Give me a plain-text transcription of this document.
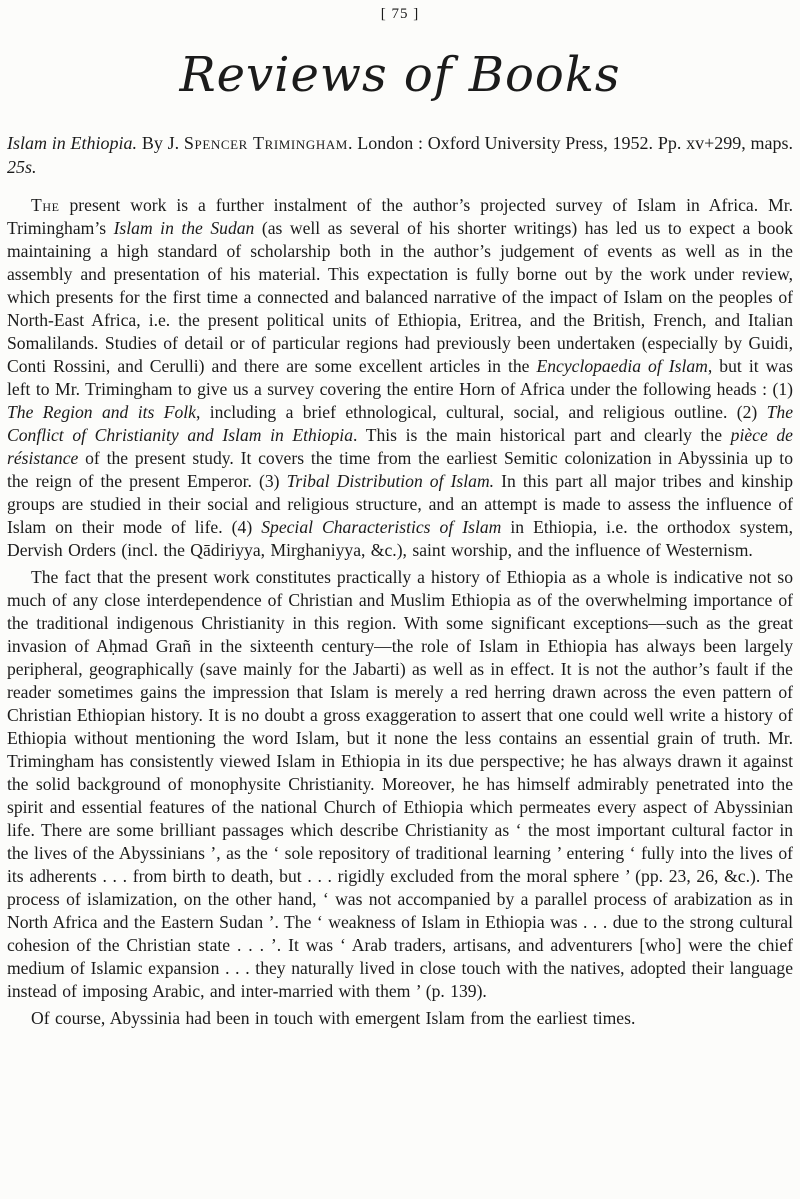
[ 75 ]
Reviews of Books

Islam in Ethiopia. By J. Spencer Trimingham. London : Oxford University Press, 1952. Pp. xv+299, maps. 25s.

The present work is a further instalment of the author’s projected survey of Islam in Africa. Mr. Trimingham’s Islam in the Sudan (as well as several of his shorter writings) has led us to expect a book maintaining a high standard of scholarship both in the author’s judgement of events as well as in the assembly and presentation of his material. This expectation is fully borne out by the work under review, which presents for the first time a connected and balanced narrative of the impact of Islam on the peoples of North-East Africa, i.e. the present political units of Ethiopia, Eritrea, and the British, French, and Italian Somalilands. Studies of detail or of particular regions had previously been undertaken (especially by Guidi, Conti Rossini, and Cerulli) and there are some excellent articles in the Encyclopaedia of Islam, but it was left to Mr. Trimingham to give us a survey covering the entire Horn of Africa under the following heads : (1) The Region and its Folk, including a brief ethnological, cultural, social, and religious outline. (2) The Conflict of Christianity and Islam in Ethiopia. This is the main historical part and clearly the pièce de résistance of the present study. It covers the time from the earliest Semitic colonization in Abyssinia up to the reign of the present Emperor. (3) Tribal Distribution of Islam. In this part all major tribes and kinship groups are studied in their social and religious structure, and an attempt is made to assess the influence of Islam on their mode of life. (4) Special Characteristics of Islam in Ethiopia, i.e. the orthodox system, Dervish Orders (incl. the Qādiriyya, Mirghaniyya, &c.), saint worship, and the influence of Westernism.

The fact that the present work constitutes practically a history of Ethiopia as a whole is indicative not so much of any close interdependence of Christian and Muslim Ethiopia as of the overwhelming importance of the traditional indigenous Christianity in this region. With some significant exceptions—such as the great invasion of Aḥmad Grañ in the sixteenth century—the role of Islam in Ethiopia has always been largely peripheral, geographically (save mainly for the Jabarti) as well as in effect. It is not the author’s fault if the reader sometimes gains the impression that Islam is merely a red herring drawn across the even pattern of Christian Ethiopian history. It is no doubt a gross exaggeration to assert that one could well write a history of Ethiopia without mentioning the word Islam, but it none the less contains an essential grain of truth. Mr. Trimingham has consistently viewed Islam in Ethiopia in its due perspective; he has always drawn it against the solid background of monophysite Christianity. Moreover, he has himself admirably penetrated into the spirit and essential features of the national Church of Ethiopia which permeates every aspect of Abyssinian life. There are some brilliant passages which describe Christianity as ‘ the most important cultural factor in the lives of the Abyssinians ’, as the ‘ sole repository of traditional learning ’ entering ‘ fully into the lives of its adherents . . . from birth to death, but . . . rigidly excluded from the moral sphere ’ (pp. 23, 26, &c.). The process of islamization, on the other hand, ‘ was not accompanied by a parallel process of arabization as in North Africa and the Eastern Sudan ’. The ‘ weakness of Islam in Ethiopia was . . . due to the strong cultural cohesion of the Christian state . . . ’. It was ‘ Arab traders, artisans, and adventurers [who] were the chief medium of Islamic expansion . . . they naturally lived in close touch with the natives, adopted their language instead of imposing Arabic, and inter-married with them ’ (p. 139).

Of course, Abyssinia had been in touch with emergent Islam from the earliest times.
